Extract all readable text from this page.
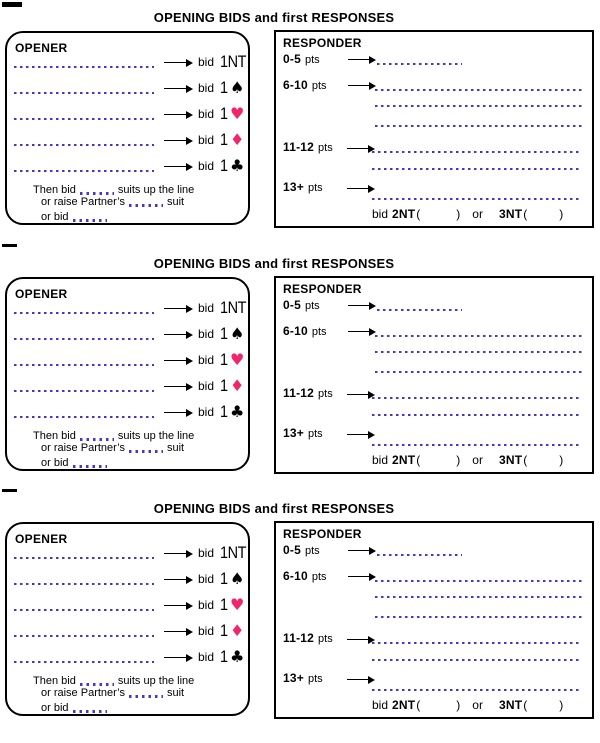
OPENING BIDS and first RESPONSES
OPENER
bid 1NT
bid 1 ♠
bid 1 ♥
bid 1 ♦
bid 1 ♣
Then bid	suits up the line
or raise Partner’s	suit
or bid
RESPONDER
0-5 pts
6-10 pts
11-12 pts
13+ pts
bid 2NT (	) or 3NT (	)
OPENING BIDS and first RESPONSES
OPENER
bid 1NT
bid 1 ♠
bid 1 ♥
bid 1 ♦
bid 1 ♣
Then bid	suits up the line
or raise Partner’s	suit
or bid
RESPONDER
0-5 pts
6-10 pts
11-12 pts
13+ pts
bid 2NT (	) or 3NT (	)
OPENING BIDS and first RESPONSES
OPENER
bid 1NT
bid 1 ♠
bid 1 ♥
bid 1 ♦
bid 1 ♣
Then bid	suits up the line
or raise Partner’s	suit
or bid
RESPONDER
0-5 pts
6-10 pts
11-12 pts
13+ pts
bid 2NT (	) or 3NT (	)
